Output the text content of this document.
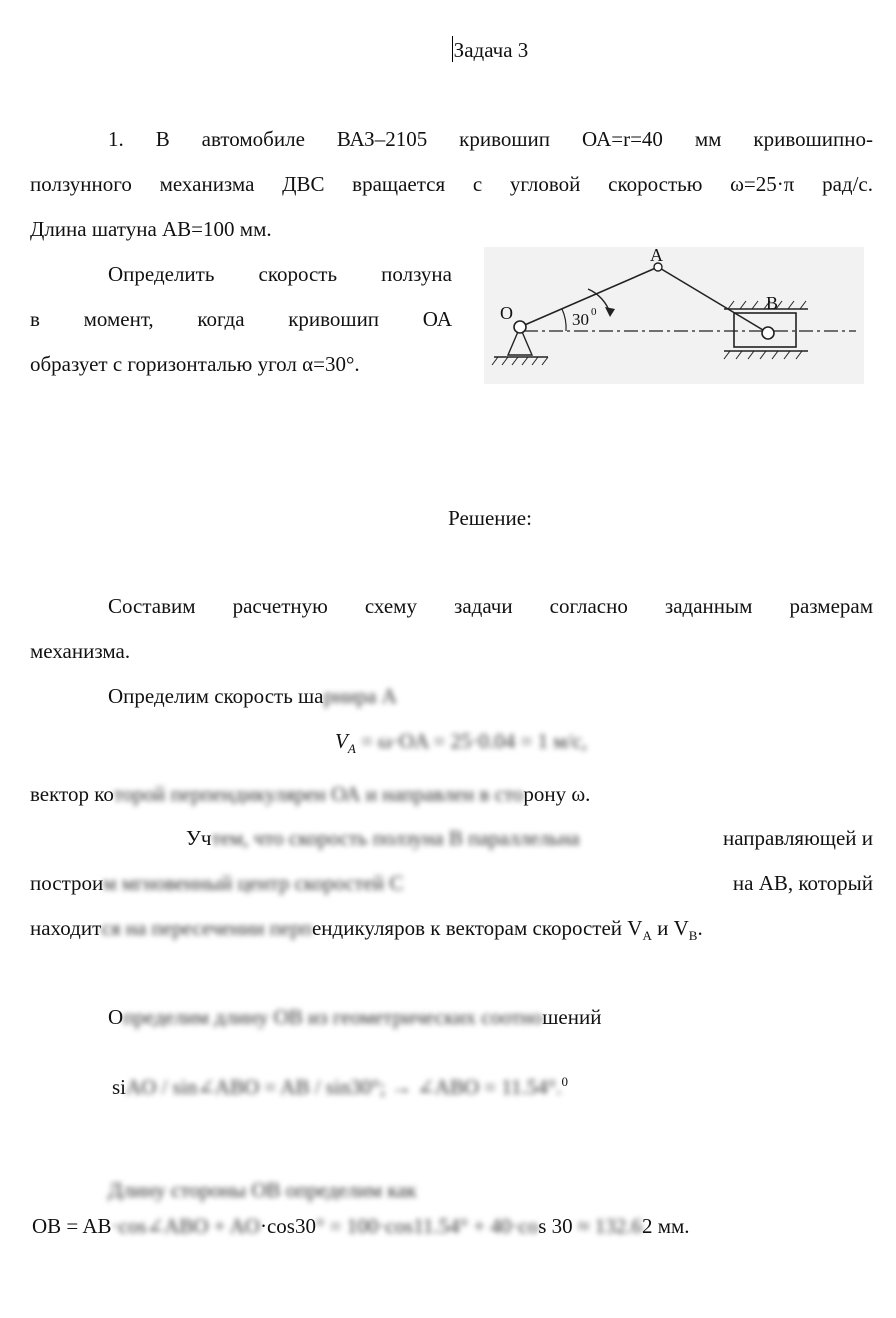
Задача 3
1. В автомобиле ВАЗ–2105 кривошип ОА=r=40 мм кривошипно-
ползунного механизма ДВС вращается с угловой скоростью ω=25·π рад/с.
Длина шатуна АВ=100 мм.
Определить скорость ползуна
в момент, когда кривошип ОА
образует с горизонталью угол α=30°.
O
A
B
30 0
Решение:
Составим расчетную схему задачи согласно заданным размерам
механизма.
Определим скорость шарнира А
$V_A = \omega\cdot OA = 25\cdot 0.04 = 1$ м/с,
вектор которой перпендикулярен ОА и направлен в сторону ω.
Учтем, что скорость ползуна В параллельна	направляющей и
построим мгновенный центр скоростей C	на АВ, который
находится на пересечении перпендикуляров к векторам скоростей $V_A$ и $V_B$.
Определим длину ОВ из геометрических соотношений
siAO / sin∠ABO = AB / sin30°; → ∠ABO = 11.54°.$^0$
Длину стороны ОВ определим как
OB = AB·cos∠ABO + AO·cos30° = 100·cos11.54° + 40·cos 30 ≈ 132.62 мм.
